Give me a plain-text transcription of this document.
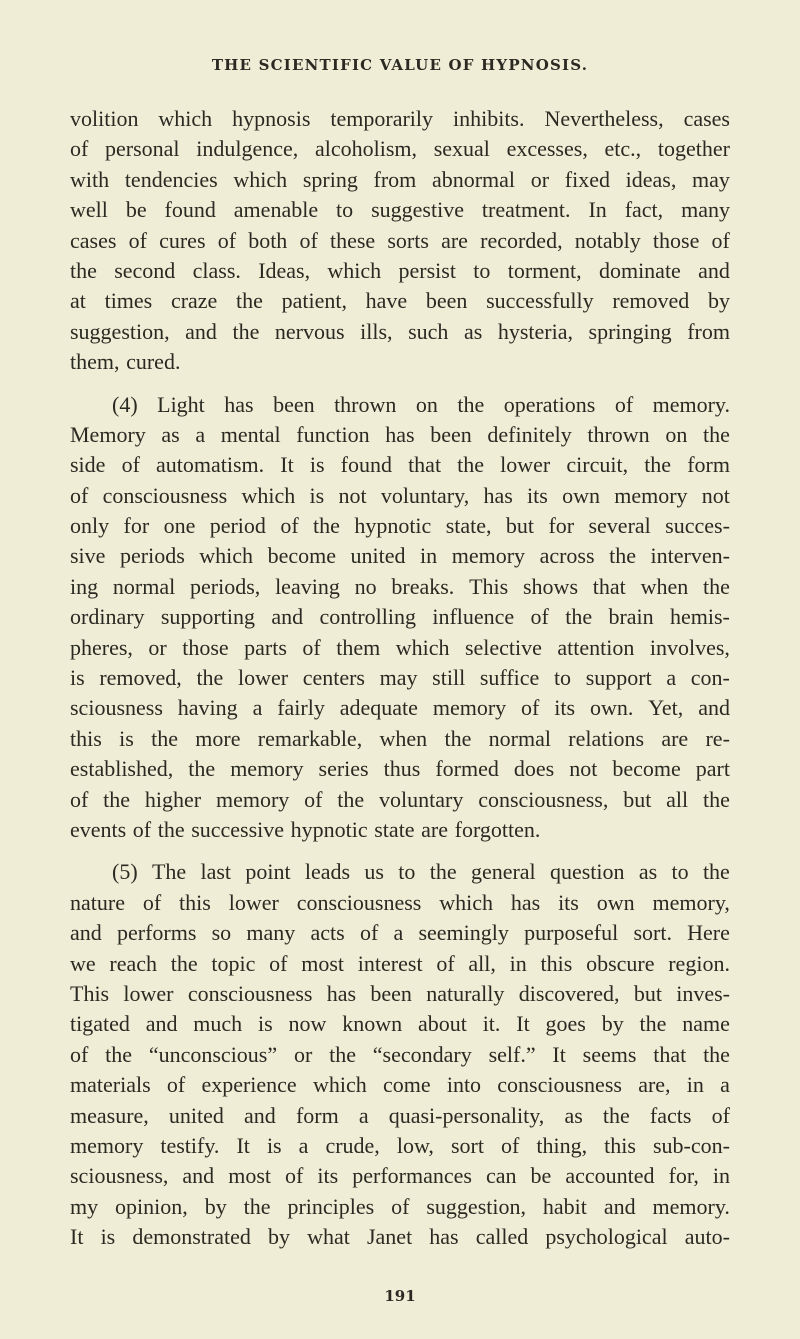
THE SCIENTIFIC VALUE OF HYPNOSIS.
volition which hypnosis temporarily inhibits. Nevertheless, cases
of personal indulgence, alcoholism, sexual excesses, etc., together
with tendencies which spring from abnormal or fixed ideas, may
well be found amenable to suggestive treatment. In fact, many
cases of cures of both of these sorts are recorded, notably those of
the second class. Ideas, which persist to torment, dominate and
at times craze the patient, have been successfully removed by
suggestion, and the nervous ills, such as hysteria, springing from
them, cured.
(4) Light has been thrown on the operations of memory.
Memory as a mental function has been definitely thrown on the
side of automatism. It is found that the lower circuit, the form
of consciousness which is not voluntary, has its own memory not
only for one period of the hypnotic state, but for several succes-
sive periods which become united in memory across the interven-
ing normal periods, leaving no breaks. This shows that when the
ordinary supporting and controlling influence of the brain hemis-
pheres, or those parts of them which selective attention involves,
is removed, the lower centers may still suffice to support a con-
sciousness having a fairly adequate memory of its own. Yet, and
this is the more remarkable, when the normal relations are re-
established, the memory series thus formed does not become part
of the higher memory of the voluntary consciousness, but all the
events of the successive hypnotic state are forgotten.
(5) The last point leads us to the general question as to the
nature of this lower consciousness which has its own memory,
and performs so many acts of a seemingly purposeful sort. Here
we reach the topic of most interest of all, in this obscure region.
This lower consciousness has been naturally discovered, but inves-
tigated and much is now known about it. It goes by the name
of the “unconscious” or the “secondary self.” It seems that the
materials of experience which come into consciousness are, in a
measure, united and form a quasi-personality, as the facts of
memory testify. It is a crude, low, sort of thing, this sub-con-
sciousness, and most of its performances can be accounted for, in
my opinion, by the principles of suggestion, habit and memory.
It is demonstrated by what Janet has called psychological auto-
191
